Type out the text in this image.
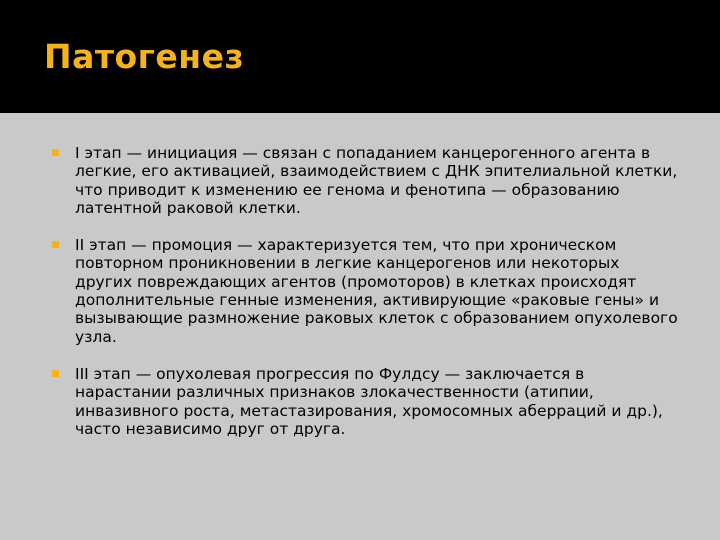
Патогенез
I этап — инициация — связан с попаданием канцерогенного агента в легкие, его активацией, взаимодействием с ДНК эпителиальной клетки, что приводит к изменению ее генома и фенотипа — образованию латентной раковой клетки.
II этап — промоция — характеризуется тем, что при хроническом повторном проникновении в легкие канцерогенов или некоторых других повреждающих агентов (промоторов) в клетках происходят дополнительные генные изменения, активирующие «раковые гены» и вызывающие размножение раковых клеток с образованием опухолевого узла.
III этап — опухолевая прогрессия по Фулдсу — заключается в нарастании различных признаков злокачественности (атипии, инвазивного роста, метастазирования, хромосомных аберраций и др.), часто независимо друг от друга.
